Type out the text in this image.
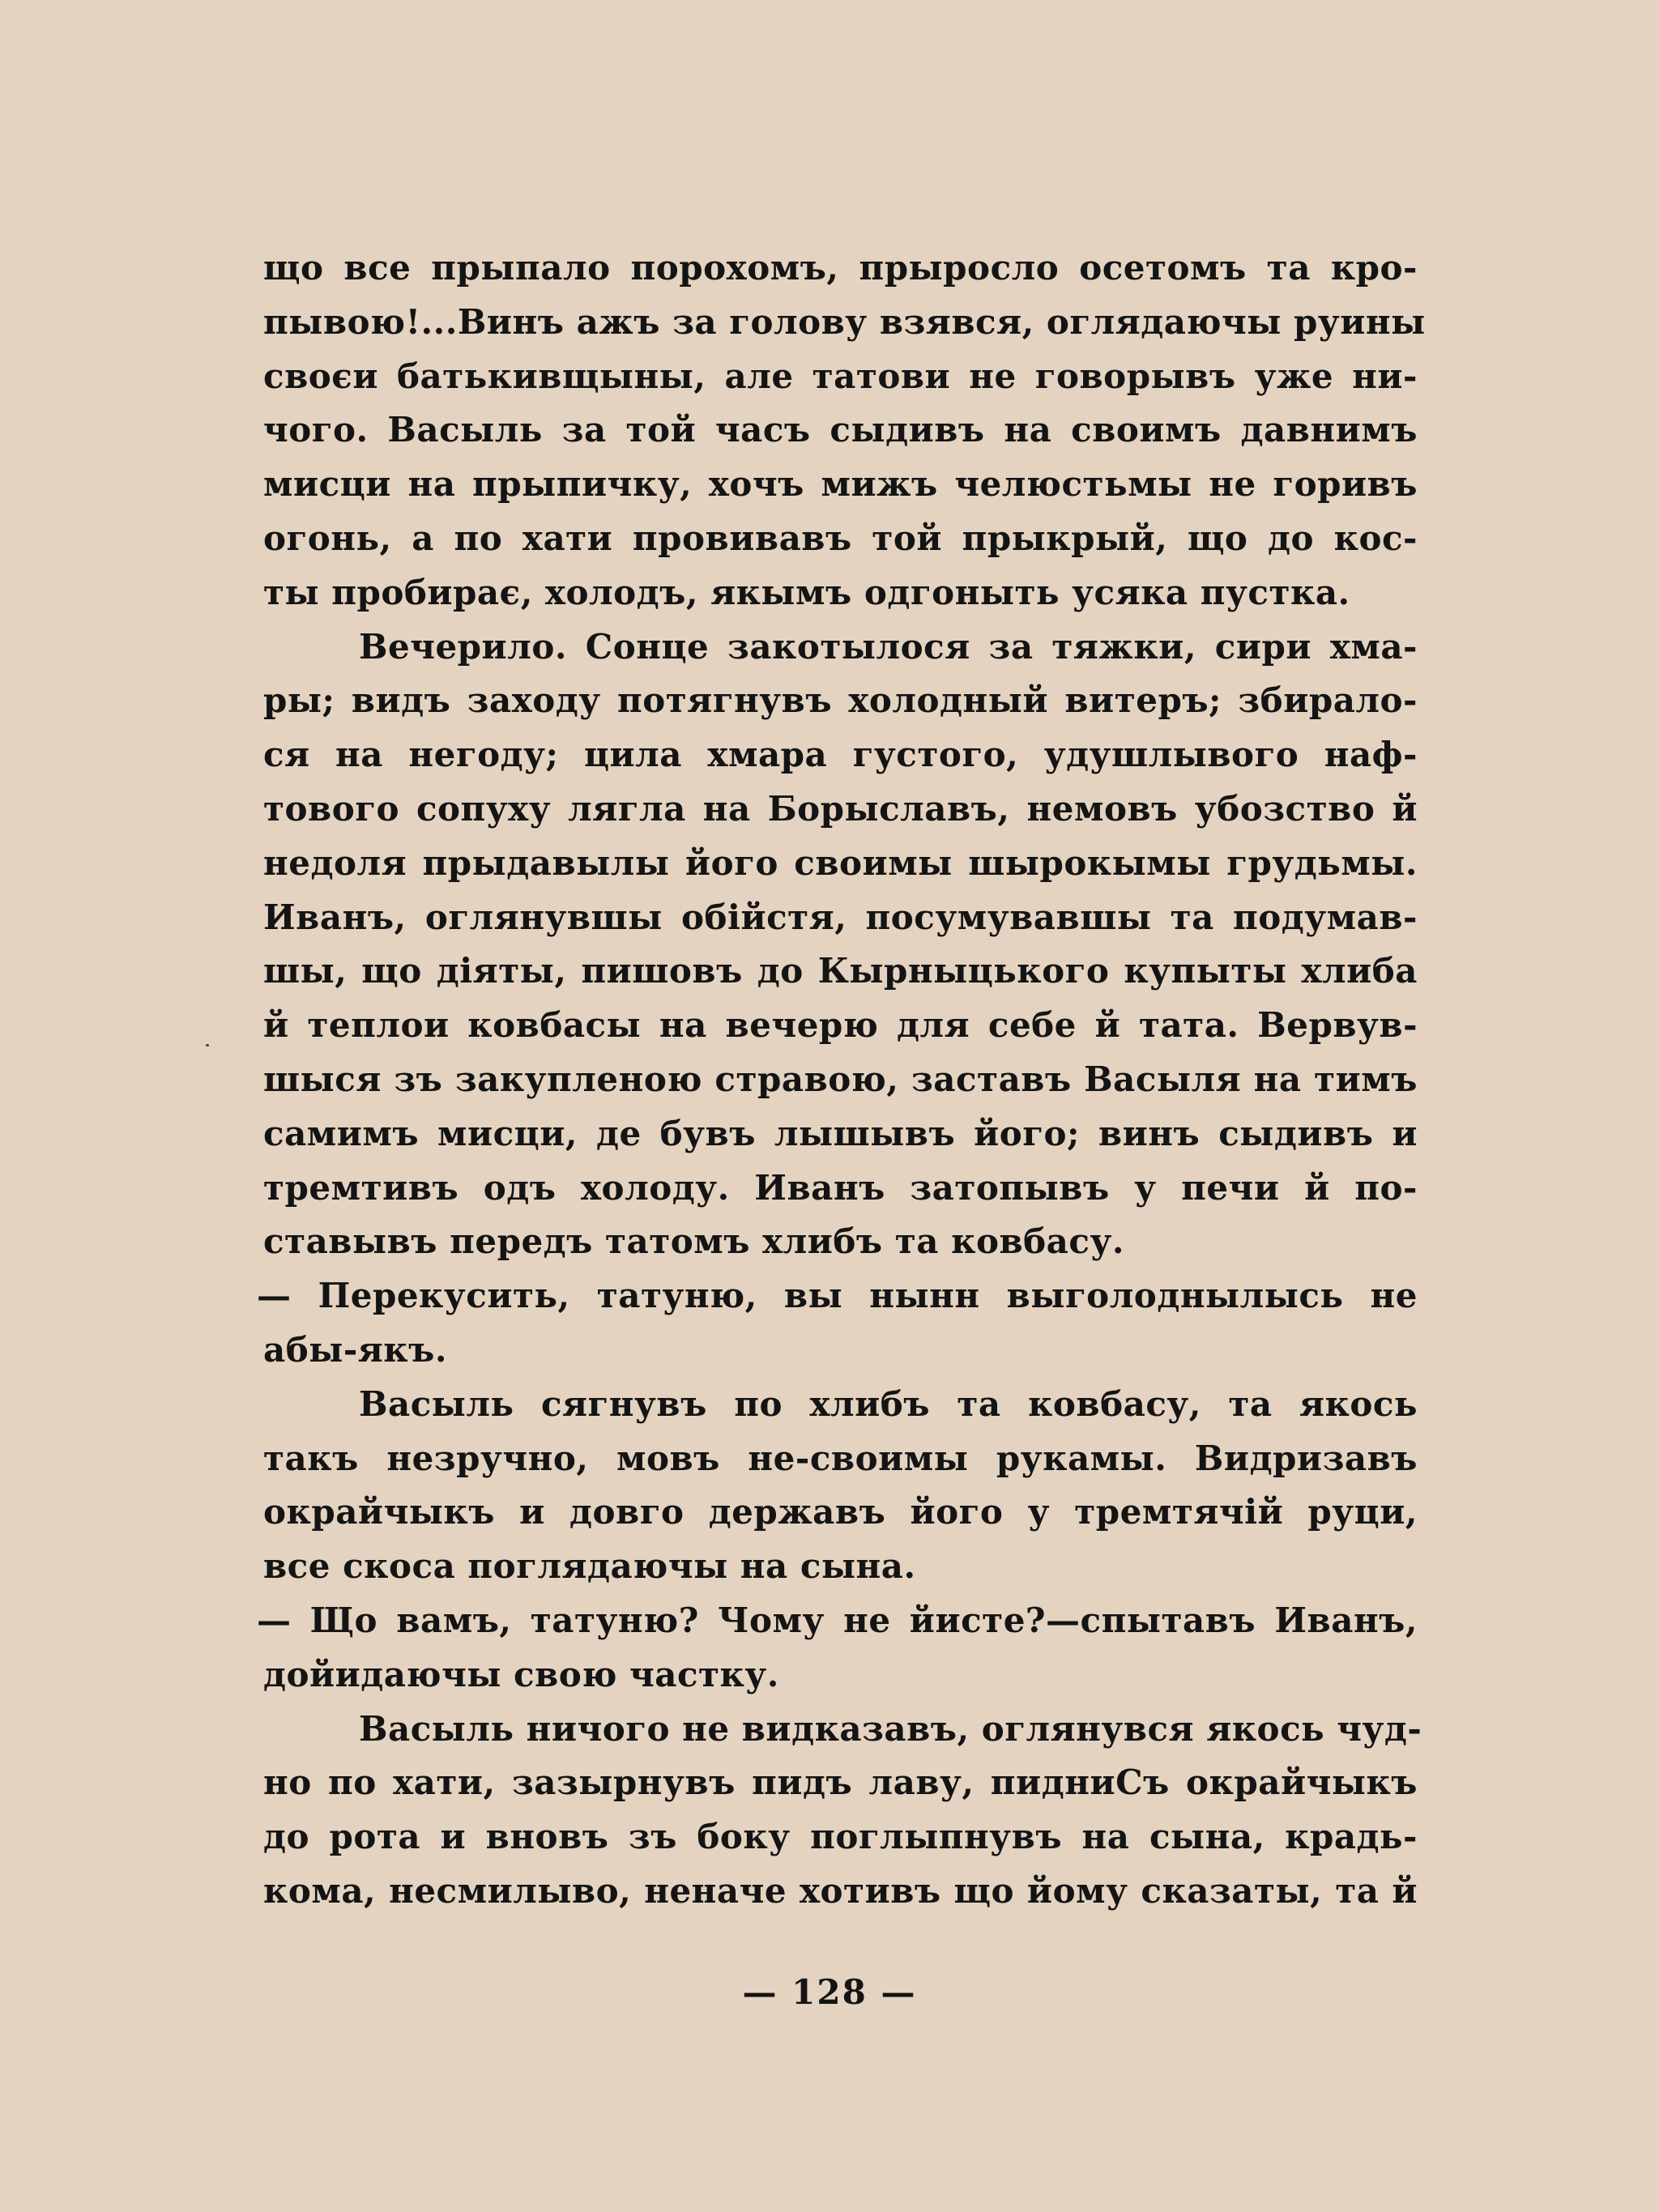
що все прыпало порохомъ, прыросло осетомъ та кро-
пывою!...Винъ ажъ за голову взявся, оглядаючы руины
своєи батькивщыны, але татови не говорывъ уже ни-
чого. Васыль за той часъ сыдивъ на своимъ давнимъ
мисци на прыпичку, хочъ мижъ челюстьмы не горивъ
огонь, а по хати провивавъ той прыкрый, що до кос-
ты пробирає, холодъ, якымъ одгоныть усяка пустка.
Вечерило. Сонце закотылося за тяжки, сири хма-
ры; видъ заходу потягнувъ холодный витеръ; збирало-
ся на негоду; цила хмара густого, удушлывого наф-
тового сопуху лягла на Борыславъ, немовъ убозство й
недоля прыдавылы його своимы шырокымы грудьмы.
Иванъ, оглянувшы обійстя, посумувавшы та подумав-
шы, що діяты, пишовъ до Кырныцького купыты хлиба
й теплои ковбасы на вечерю для себе й тата. Вервув-
шыся зъ закупленою стравою, заставъ Васыля на тимъ
самимъ мисци, де бувъ лышывъ його; винъ сыдивъ и
тремтивъ одъ холоду. Иванъ затопывъ у печи й по-
ставывъ передъ татомъ хлибъ та ковбасу.
— Перекусить, татуню, вы нынн выголоднылысь не
абы-якъ.
Васыль сягнувъ по хлибъ та ковбасу, та якось
такъ незручно, мовъ не-своимы рукамы. Видризавъ
окрайчыкъ и довго державъ його у тремтячій руци,
все скоса поглядаючы на сына.
— Що вамъ, татуню? Чому не йисте?—спытавъ Иванъ,
дойидаючы свою частку.
Васыль ничого не видказавъ, оглянувся якось чуд-
но по хати, зазырнувъ пидъ лаву, пидниСъ окрайчыкъ
до рота и вновъ зъ боку поглыпнувъ на сына, крадь-
кома, несмилыво, неначе хотивъ що йому сказаты, та й
— 128 —
